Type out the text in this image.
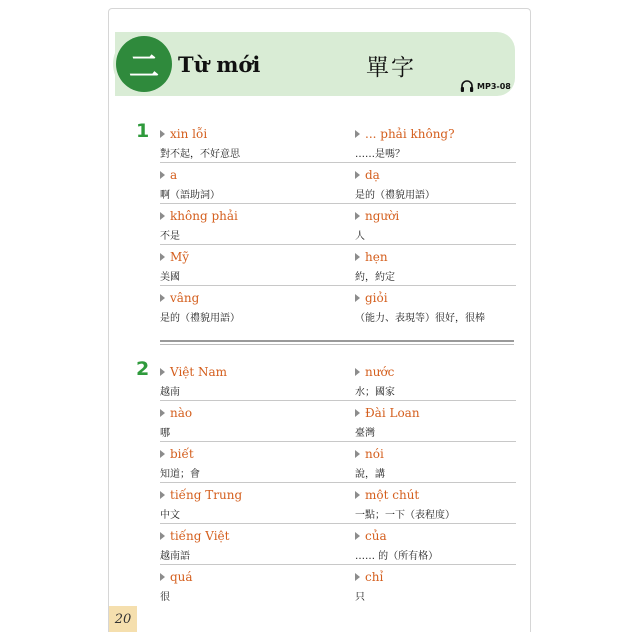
二 Từ mới	單字
MP3-08
1 xin lỗi
對不起，不好意思
... phải không?
……是嗎？
a
啊（語助詞）
dạ
是的（禮貌用語）
không phải
不是
người
人
Mỹ
美國
hẹn
約，約定
vâng
是的（禮貌用語）
giỏi
（能力、表現等）很好，很棒
2 Việt Nam
越南
nước
水；國家
nào
哪
Đài Loan
臺灣
biết
知道；會
nói
說，講
tiếng Trung
中文
một chút
一點；一下（表程度）
tiếng Việt
越南語
của
…… 的（所有格）
quá
很
chỉ
只
20
